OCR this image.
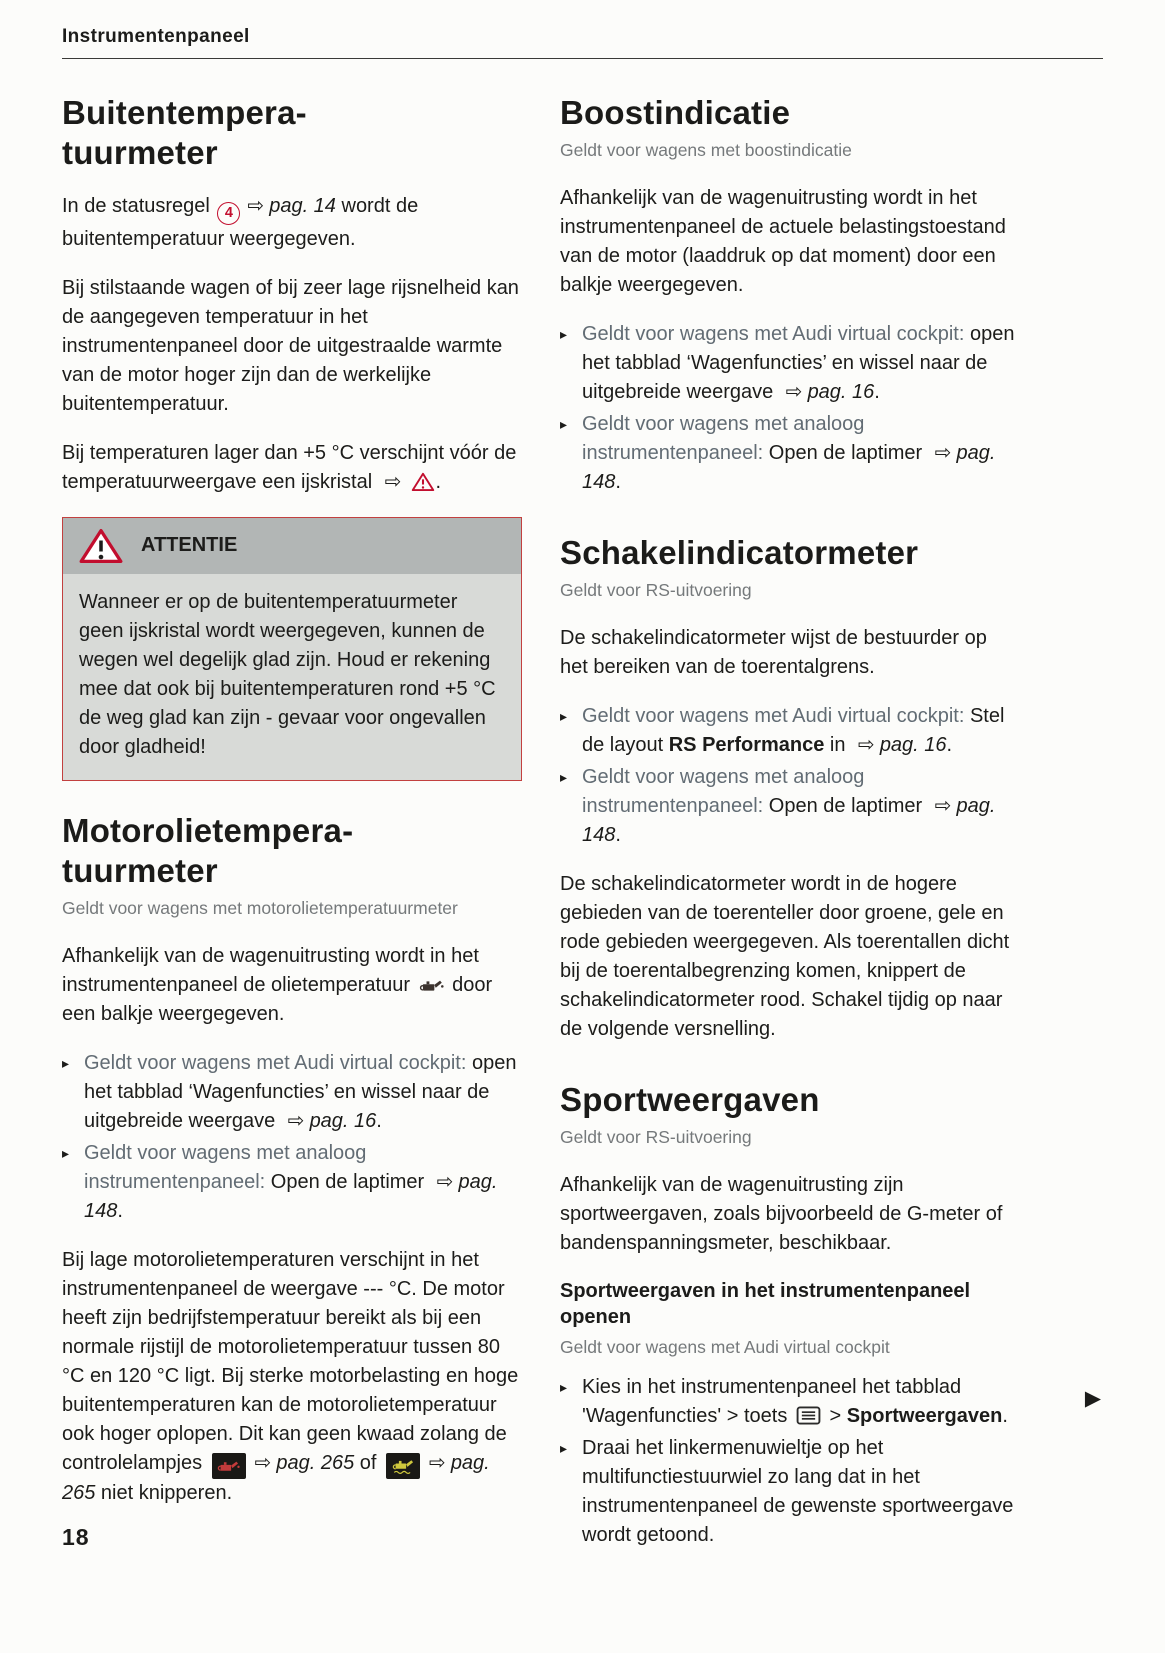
Instrumentenpaneel
Buitentempera-
tuurmeter

In de statusregel 4 ⇨ pag. 14 wordt de buitentemperatuur weergegeven.

Bij stilstaande wagen of bij zeer lage rijsnelheid kan de aangegeven temperatuur in het instrumentenpaneel door de uitgestraalde warmte van de motor hoger zijn dan de werkelijke buitentemperatuur.

Bij temperaturen lager dan +5 °C verschijnt vóór de temperatuurweergave een ijskristal ⇨ .

ATTENTIE
Wanneer er op de buitentemperatuurmeter geen ijskristal wordt weergegeven, kunnen de wegen wel degelijk glad zijn. Houd er rekening mee dat ook bij buitentemperaturen rond +5 °C de weg glad kan zijn - gevaar voor ongevallen door gladheid!
Motorolietempera-
tuurmeter
Geldt voor wagens met motorolietemperatuurmeter

Afhankelijk van de wagenuitrusting wordt in het instrumentenpaneel de olietemperatuur  door een balkje weergegeven.

▸ Geldt voor wagens met Audi virtual cockpit: open het tabblad ‘Wagenfuncties’ en wissel naar de uitgebreide weergave ⇨ pag. 16.
▸ Geldt voor wagens met analoog instrumentenpaneel: Open de laptimer ⇨ pag. 148.

Bij lage motorolietemperaturen verschijnt in het instrumentenpaneel de weergave --- °C. De motor heeft zijn bedrijfstemperatuur bereikt als bij een normale rijstijl de motorolietemperatuur tussen 80 °C en 120 °C ligt. Bij sterke motorbelasting en hoge buitentemperaturen kan de motorolietemperatuur ook hoger oplopen. Dit kan geen kwaad zolang de controlelampjes
⇨ pag. 265 of
⇨ pag. 265 niet knipperen.

Boostindicatie
Geldt voor wagens met boostindicatie

Afhankelijk van de wagenuitrusting wordt in het instrumentenpaneel de actuele belastingstoestand van de motor (laaddruk op dat moment) door een balkje weergegeven.

▸ Geldt voor wagens met Audi virtual cockpit: open het tabblad ‘Wagenfuncties’ en wissel naar de uitgebreide weergave ⇨ pag. 16.
▸ Geldt voor wagens met analoog instrumentenpaneel: Open de laptimer ⇨ pag. 148.
Schakelindicatormeter
Geldt voor RS-uitvoering

De schakelindicatormeter wijst de bestuurder op het bereiken van de toerentalgrens.

▸ Geldt voor wagens met Audi virtual cockpit: Stel de layout RS Performance in ⇨ pag. 16.
▸ Geldt voor wagens met analoog instrumentenpaneel: Open de laptimer ⇨ pag. 148.

De schakelindicatormeter wordt in de hogere gebieden van de toerenteller door groene, gele en rode gebieden weergegeven. Als toerentallen dicht bij de toerentalbegrenzing komen, knippert de schakelindicatormeter rood. Schakel tijdig op naar de volgende versnelling.

Sportweergaven
Geldt voor RS-uitvoering

Afhankelijk van de wagenuitrusting zijn sportweergaven, zoals bijvoorbeeld de G-meter of bandenspanningsmeter, beschikbaar.

Sportweergaven in het instrumentenpaneel openen
Geldt voor wagens met Audi virtual cockpit
▸ Kies in het instrumentenpaneel het tabblad 'Wagenfuncties' > toets  > Sportweergaven.
▸ Draai het linkermenuwieltje op het multifunctiestuurwiel zo lang dat in het instrumentenpaneel de gewenste sportweergave wordt getoond.
▶
18
